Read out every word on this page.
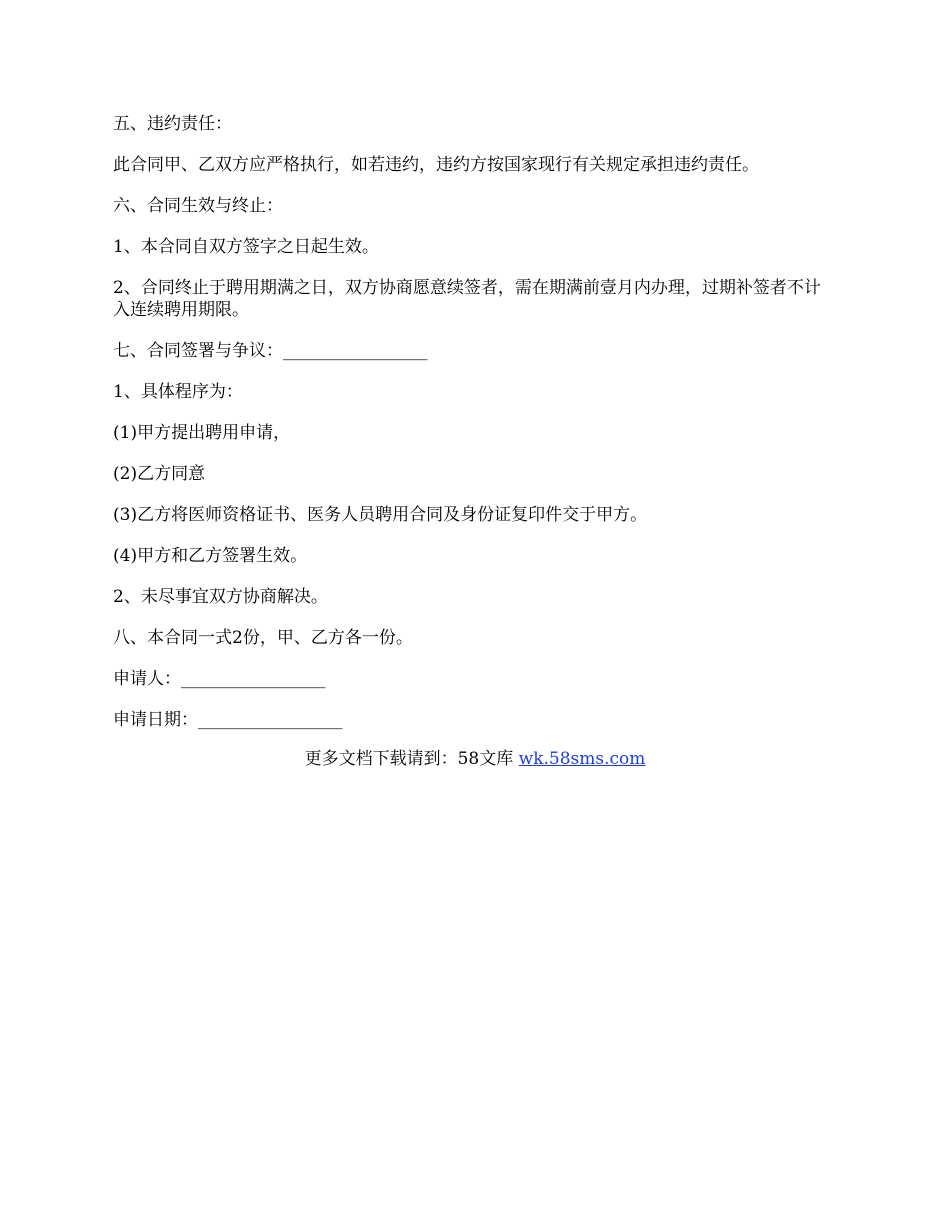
五、违约责任：

此合同甲、乙双方应严格执行，如若违约，违约方按国家现行有关规定承担违约责任。

六、合同生效与终止：

1、本合同自双方签字之日起生效。

2、合同终止于聘用期满之日，双方协商愿意续签者，需在期满前壹月内办理，过期补签者不计入连续聘用期限。

七、合同签署与争议：_________________

1、具体程序为：

(1)甲方提出聘用申请，

(2)乙方同意

(3)乙方将医师资格证书、医务人员聘用合同及身份证复印件交于甲方。

(4)甲方和乙方签署生效。

2、未尽事宜双方协商解决。

八、本合同一式2份，甲、乙方各一份。

申请人：_________________

申请日期：_________________

更多文档下载请到：58文库 wk.58sms.com
